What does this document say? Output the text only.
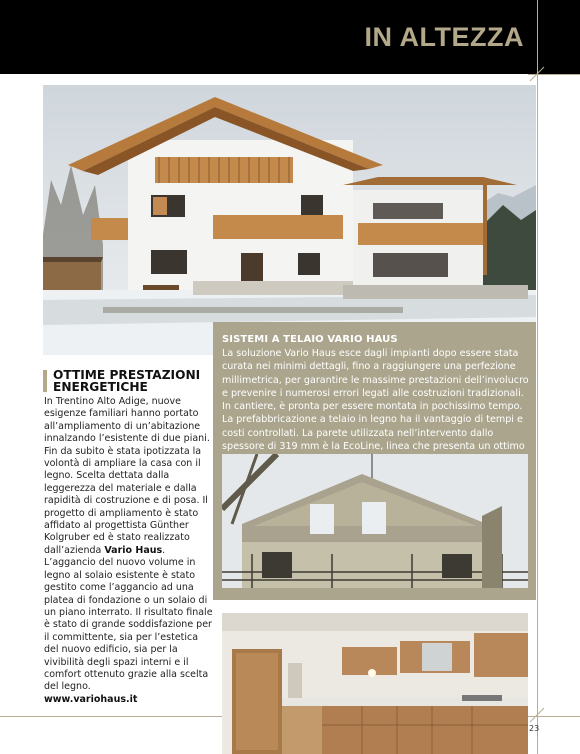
IN ALTEZZA
SISTEMI A TELAIO VARIO HAUS
La soluzione Vario Haus esce dagli impianti dopo essere stata curata nei minimi dettagli, fino a raggiungere una perfezione millimetrica, per garantire le massime prestazioni dell’involucro e prevenire i numerosi errori legati alle costruzioni tradizionali. In cantiere, è pronta per essere montata in pochissimo tempo. La prefabbricazione a telaio in legno ha il vantaggio di tempi e costi controllati. La parete utilizzata nell’intervento dallo spessore di 319 mm è la EcoLine, linea che presenta un ottimo
OTTIME PRESTAZIONI ENERGETICHE
In Trentino Alto Adige, nuove esigenze familiari hanno portato all’ampliamento di un’abitazione innalzando l’esistente di due piani. Fin da subito è stata ipotizzata la volontà di ampliare la casa con il legno. Scelta dettata dalla leggerezza del materiale e dalla rapidità di costruzione e di posa. Il progetto di ampliamento è stato affidato al progettista Günther Kolgruber ed è stato realizzato dall’azienda Vario Haus. L’aggancio del nuovo volume in legno al solaio esistente è stato gestito come l’aggancio ad una platea di fondazione o un solaio di un piano interrato. Il risultato finale è stato di grande soddisfazione per il committente, sia per l’estetica del nuovo edificio, sia per la vivibilità degli spazi interni e il comfort ottenuto grazie alla scelta del legno.
www.variohaus.it
23
